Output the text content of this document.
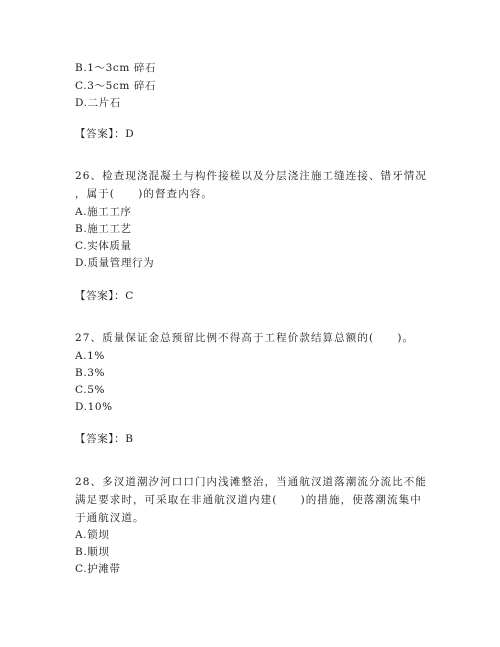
B.1～3cm 碎石
C.3～5cm 碎石
D.二片石
【答案】：D
26、检查现浇混凝土与构件接槎以及分层浇注施工缝连接、错牙情况
，属于(　　)的督查内容。
A.施工工序
B.施工工艺
C.实体质量
D.质量管理行为
【答案】：C
27、质量保证金总预留比例不得高于工程价款结算总额的(　　)。
A.1%
B.3%
C.5%
D.10%
【答案】：B
28、多汊道潮汐河口口门内浅滩整治，当通航汊道落潮流分流比不能
满足要求时，可采取在非通航汊道内建(　　)的措施，使落潮流集中
于通航汊道。
A.锁坝
B.顺坝
C.护滩带
